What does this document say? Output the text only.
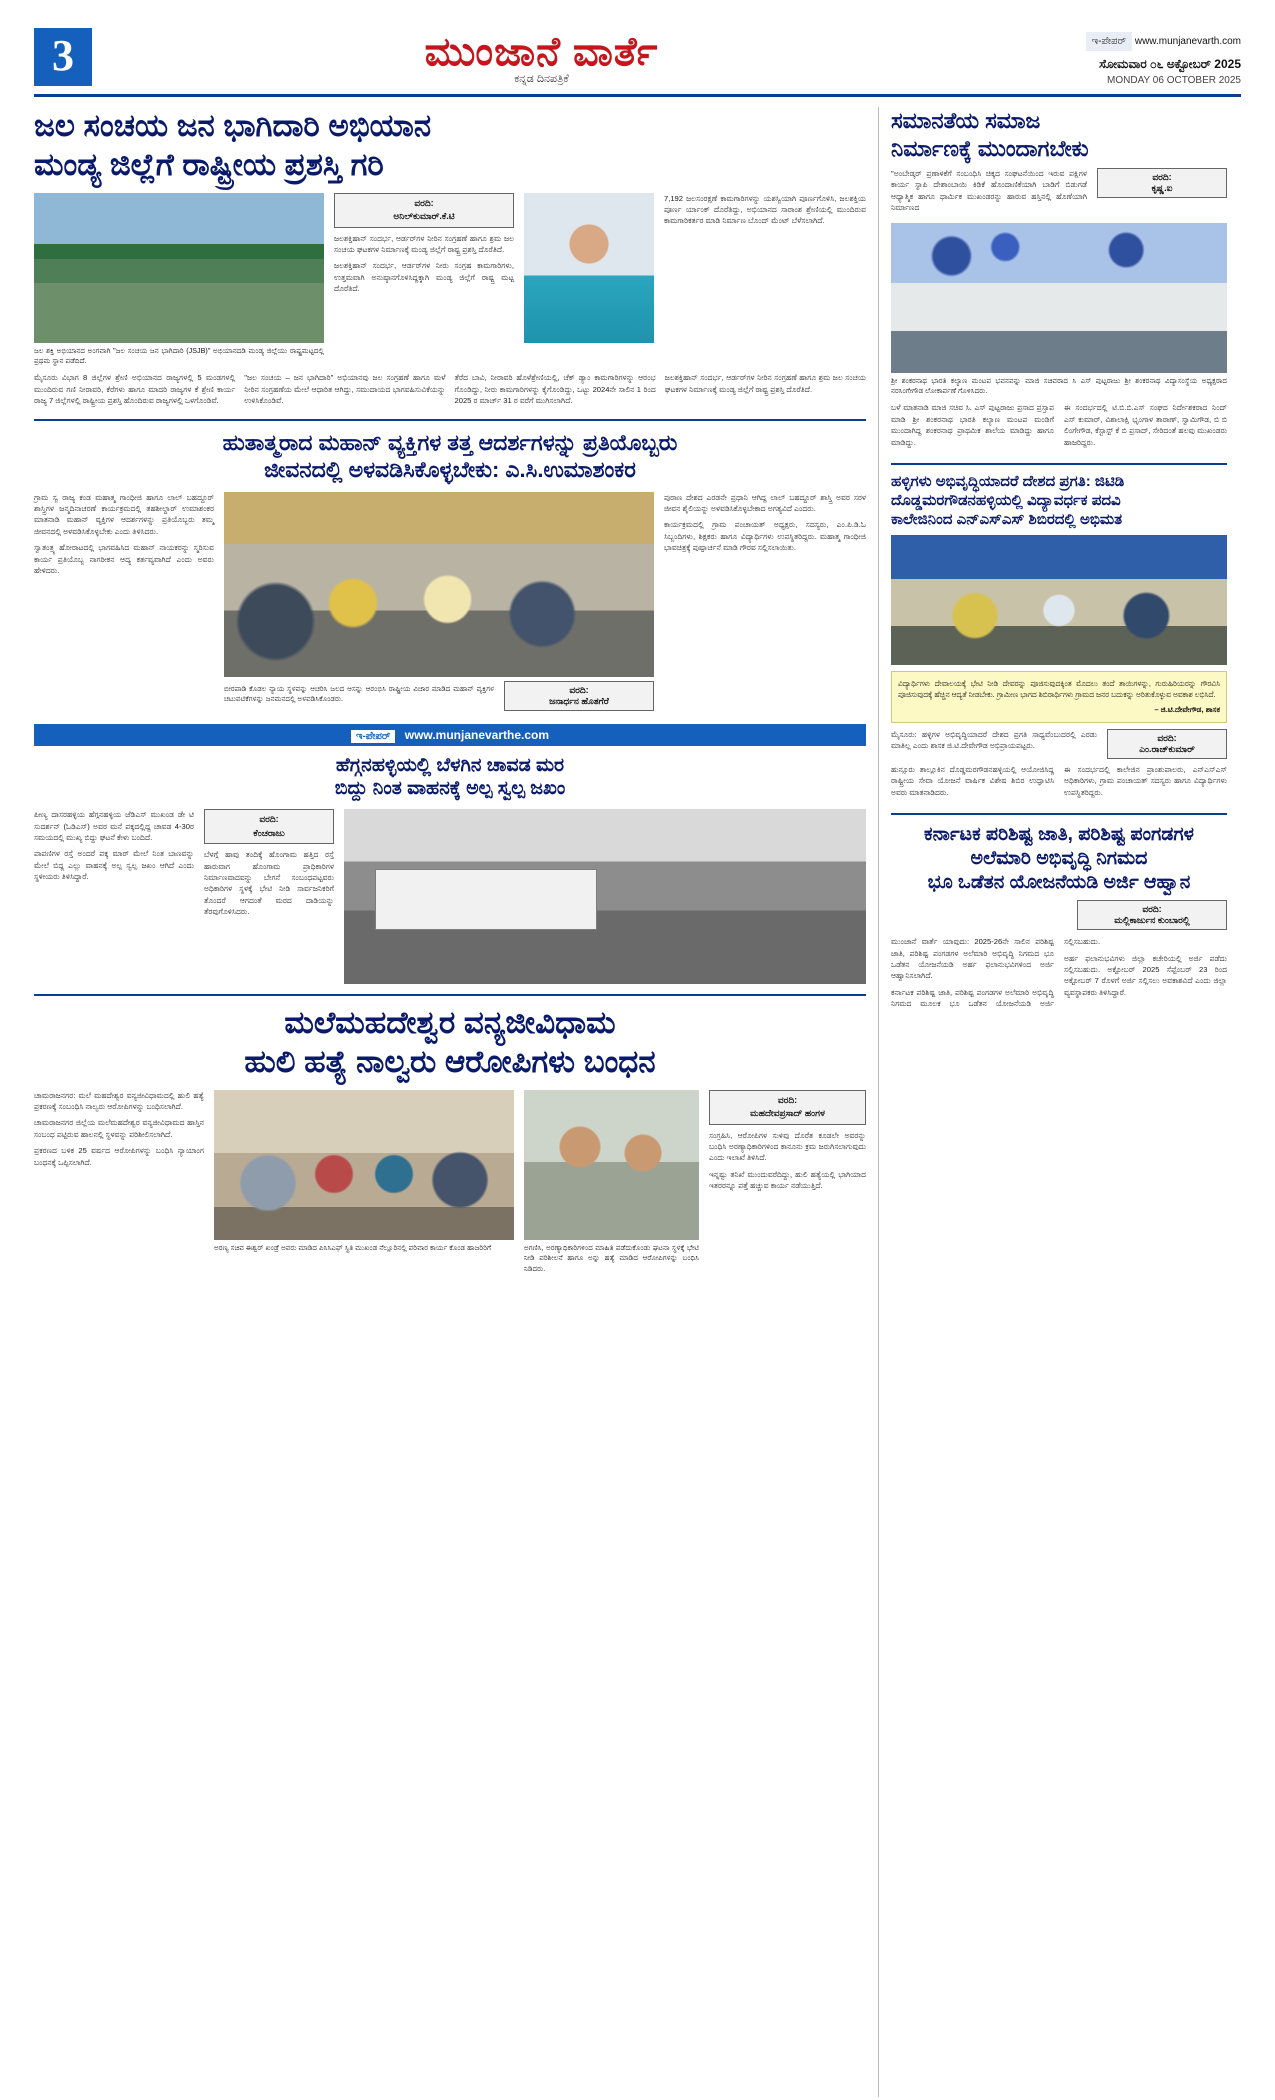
3	ಮುಂಜಾನೆ ವಾರ್ತೆ
ಕನ್ನಡ ದಿನಪತ್ರಿಕೆ
ಇ-ಪೇಪರ್ www.munjanevarth.com
ಸೋಮವಾರ ೦೬ ಅಕ್ಟೋಬರ್ 2025
MONDAY 06 OCTOBER 2025
ಜಲ ಸಂಚಯ ಜನ ಭಾಗಿದಾರಿ ಅಭಿಯಾನ
ಮಂಡ್ಯ ಜಿಲ್ಲೆಗೆ ರಾಷ್ಟ್ರೀಯ ಪ್ರಶಸ್ತಿ ಗರಿ
ಜಲ ಶಕ್ತಿ ಅಭಿಯಾನದ ಅಂಗವಾಗಿ "ಜಲ ಸಂಚಯ ಜನ ಭಾಗಿದಾರಿ (JSJB)" ಅಭಿಯಾನದಡಿ ಮಂಡ್ಯ ಜಿಲ್ಲೆಯು ರಾಷ್ಟ್ರಮಟ್ಟದಲ್ಲಿ ಪ್ರಥಮ ಸ್ಥಾನ ಪಡೆದಿದೆ.
ವರದಿ:
ಅನಿಲ್‌ಕುಮಾರ್.ಕೆ.ಟಿ

ಜಲಶಕ್ತಿಹಾನ್ ಸಂದರ್ಭ, ಆರ್ಡರ್‌ಗಳ ನೀರಿನ ಸಂಗ್ರಹಣೆ ಹಾಗೂ ಶ್ರಮ ಜಲ ಸಂಚಯ ಘಟಕಗಳ ನಿರ್ಮಾಣಕ್ಕೆ ಮಂಡ್ಯ ಜಿಲ್ಲೆಗೆ ರಾಷ್ಟ್ರ ಪ್ರಶಸ್ತಿ ದೊರೆತಿದೆ.

ಜಲಶಕ್ತಿಹಾನ್ ಸಂದರ್ಭ, ಆರ್ಡರ್‌ಗಳ ನೀರು ಸಂಗ್ರಹ ಕಾಮಗಾರಿಗಳು, ಉತ್ತಮವಾಗಿ ಅನುಷ್ಠಾನಗೊಳಿಸಿದ್ದಕ್ಕಾಗಿ ಮಂಡ್ಯ ಜಿಲ್ಲೆಗೆ ರಾಷ್ಟ್ರ ಮಟ್ಟ ದೊರೆತಿದೆ.

7,192 ಜಲಸಂರಕ್ಷಣೆ ಕಾಮಗಾರಿಗಳನ್ನು ಯಶಸ್ವಿಯಾಗಿ ಪೂರ್ಣಗೊಳಿಸಿ, ಜಲಶಕ್ತಿಯ ಪೂರ್ಣ ರ್ಯಾಂಕ್ ದೊರೆತಿದ್ದು, ಅಭಿಯಾನದ ಸಾರಾಂಶ ಶ್ರೇಣಿಯಲ್ಲಿ ಮುಂದಿರುವ ಕಾಮಗಾರಿಕರ್ತರ ಮಾಡಿ ನಿರ್ಮಾಣ ಬೊಂದ್ ಮೆಂಟ್ ಬೆಳೆಸಲಾಗಿದೆ.

ಮೈಸೂರು ವಿಭಾಗ 8 ಜಿಲ್ಲೆಗಳ ಶ್ರೇಣಿ ಅಭಿಯಾನದ ರಾಜ್ಯಗಳಲ್ಲಿ 5 ಮಂಡಗಳಲ್ಲಿ ಮುಂದಿರುವ ಗಣಿ ನೀರಾವರಿ, ಕೆರೆಗಳು ಹಾಗೂ ಮಾದರಿ ರಾಜ್ಯಗಳ ಕೆ ಶ್ರೇಣಿ ಕಾರ್ಯ ರಾಜ್ಯ 7 ಜಿಲ್ಲೆಗಳಲ್ಲಿ ರಾಷ್ಟ್ರೀಯ ಪ್ರಶಸ್ತಿ ಹೊಂದಿರುವ ರಾಜ್ಯಗಳಲ್ಲಿ ಒಳಗೊಂಡಿವೆ.

"ಜಲ ಸಂಚಯ – ಜನ ಭಾಗಿದಾರಿ" ಅಭಿಯಾನವು ಜಲ ಸಂಗ್ರಹಣೆ ಹಾಗೂ ಮಳೆ ನೀರಿನ ಸಂಗ್ರಹಣೆಯ ಮೇಲೆ ಆಧಾರಿತ ಆಗಿದ್ದು, ಸಮುದಾಯದ ಭಾಗವಹಿಸುವಿಕೆಯನ್ನು ಉಳಿಸಿಕೊಂಡಿವೆ.

ತೆರೆದ ಬಾವಿ, ನೀರಾವರಿ ಹೊಳೆಶ್ರೇಣಿಯಲ್ಲಿ, ಚೆಕ್ ಡ್ಯಾಂ ಕಾಮಗಾರಿಗಳನ್ನು ಆರಂಭ ಗೊಂಡಿದ್ದು, ನೀರು ಕಾಮಗಾರಿಗಳನ್ನು ಕೈಗೊಂಡಿದ್ದು, ಒಟ್ಟು 2024ನೇ ಸಾಲಿನ 1 ರಿಂದ 2025 ರ ಮಾರ್ಚ್ 31 ರ ವರೆಗೆ ಮುಗಿಸಲಾಗಿದೆ.

ಜಲಶಕ್ತಿಹಾನ್ ಸಂದರ್ಭ, ಆರ್ಡರ್‌ಗಳ ನೀರಿನ ಸಂಗ್ರಹಣೆ ಹಾಗೂ ಶ್ರಮ ಜಲ ಸಂಚಯ ಘಟಕಗಳ ನಿರ್ಮಾಣಕ್ಕೆ ಮಂಡ್ಯ ಜಿಲ್ಲೆಗೆ ರಾಷ್ಟ್ರ ಪ್ರಶಸ್ತಿ ದೊರೆತಿದೆ.

ಹುತಾತ್ಮರಾದ ಮಹಾನ್ ವ್ಯಕ್ತಿಗಳ ತತ್ತ ಆದರ್ಶಗಳನ್ನು ಪ್ರತಿಯೊಬ್ಬರು
ಜೀವನದಲ್ಲಿ ಅಳವಡಿಸಿಕೊಳ್ಳಬೇಕು: ಎ.ಸಿ.ಉಮಾಶಂಕರ

ಗ್ರಾಮ ಸ್ವ ರಾಜ್ಯ ಕಂಡ ಮಹಾತ್ಮ ಗಾಂಧೀಜಿ ಹಾಗೂ ಲಾಲ್ ಬಹದ್ದೂರ್ ಶಾಸ್ತ್ರಿಗಳ ಜನ್ಮದಿನಾಚರಣೆ ಕಾರ್ಯಕ್ರಮದಲ್ಲಿ ತಹಶೀಲ್ದಾರ್ ಉಮಾಶಂಕರ ಮಾತನಾಡಿ ಮಹಾನ್ ವ್ಯಕ್ತಿಗಳ ಆದರ್ಶಗಳನ್ನು ಪ್ರತಿಯೊಬ್ಬರು ತಮ್ಮ ಜೀವನದಲ್ಲಿ ಅಳವಡಿಸಿಕೊಳ್ಳಬೇಕು ಎಂದು ತಿಳಿಸಿದರು.

ಸ್ವಾತಂತ್ರ್ಯ ಹೋರಾಟದಲ್ಲಿ ಭಾಗವಹಿಸಿದ ಮಹಾನ್ ನಾಯಕರನ್ನು ಸ್ಮರಿಸುವ ಕಾರ್ಯ ಪ್ರತಿಯೊಬ್ಬ ನಾಗರೀಕನ ಆದ್ಯ ಕರ್ತವ್ಯವಾಗಿದೆ ಎಂದು ಅವರು ಹೇಳಿದರು.

ಬೀರಪಾಡಿ ಕೊಡಲ ನ್ಯಾಯ ಸ್ಥಳವನ್ನು ಆಚರಿಸಿ ಜಲದ ಆಸನ್ನು ಆರಂಭಿಸಿ ರಾಷ್ಟ್ರೀಯ ವಿಚಾರ ಮಾಡಿದ ಮಹಾನ್ ವ್ಯಕ್ತಿಗಳ ಚಟುವಟಿಕೆಗಳನ್ನು ಜನಮನದಲ್ಲಿ ಅಳವಡಿಸಿಕೊಂಡರು.
ವರದಿ:
ಜನಾರ್ಧನ ಹೊತಗೆರೆ

ಪುರಾಣ ದೇಶದ ಎರಡನೇ ಪ್ರಧಾನಿ ಆಗಿದ್ದ ಲಾಲ್ ಬಹದ್ದೂರ್ ಶಾಸ್ತ್ರಿ ಅವರ ಸರಳ ಜೀವನ ಶೈಲಿಯನ್ನು ಅಳವಡಿಸಿಕೊಳ್ಳಬೇಕಾದ ಅಗತ್ಯವಿದೆ ಎಂದರು.

ಕಾರ್ಯಕ್ರಮದಲ್ಲಿ ಗ್ರಾಮ ಪಂಚಾಯತ್ ಅಧ್ಯಕ್ಷರು, ಸದಸ್ಯರು, ಎಂ.ಪಿ.ಡಿ.ಓ ಸಿಬ್ಬಂದಿಗಳು, ಶಿಕ್ಷಕರು ಹಾಗೂ ವಿದ್ಯಾರ್ಥಿಗಳು ಉಪಸ್ಥಿತರಿದ್ದರು. ಮಹಾತ್ಮ ಗಾಂಧೀಜಿ ಭಾವಚಿತ್ರಕ್ಕೆ ಪುಷ್ಪಾರ್ಚನೆ ಮಾಡಿ ಗೌರವ ಸಲ್ಲಿಸಲಾಯಿತು.

ಇ-ಪೇಪರ್ www.munjanevarthe.com
ಹೆಗ್ಗನಹಳ್ಳಿಯಲ್ಲಿ ಬೆಳಗಿನ ಚಾವಡ ಮರ
ಬಿದ್ದು ನಿಂತ ವಾಹನಕ್ಕೆ ಅಲ್ಪ ಸ್ವಲ್ಪ ಜಖಂ

ಪೀಣ್ಯ ದಾಸರಹಳ್ಳಿಯ ಹೆಗ್ಗನಹಳ್ಳಿಯ ಜೆಡಿಎಸ್ ಮುಖಂಡ ಡೇ ಟಿ ಸುದರ್ಶನ್ (ಓಡಿಎಸ್) ಅವರ ಮನೆ ಪಕ್ಕದಲ್ಲಿದ್ದ ಚಾವಡ 4-30ರ ಸಮಯದಲ್ಲಿ ಮುಖ್ಯ ಬಿದ್ದು ಘಟನೆ ಕೇಳು ಬಂದಿದೆ.

ಪಾಪಣಿಗಳ ರಸ್ತೆ ಅಂದರೆ ಪಕ್ಕ ಮಾರ್ ಮೇಲೆ ನಿಂತ ಬಾಣವನ್ನು ಮೇಲೆ ಬಿದ್ದ ಎಲ್ಲು ವಾಹನಕ್ಕೆ ಅಲ್ಪ ಸ್ವಲ್ಪ ಜಖಂ ಆಗಿದೆ ಎಂದು ಸ್ಥಳೀಯರು ತಿಳಿಸಿದ್ದಾರೆ.

ವರದಿ:
ಕೆಂಚರಾಜು

ಬೆಳಗ್ಗೆ ಹಾವು ತಂದಿಕ್ಕೆ ಹೊಂಗಾಮ ಹತ್ತಿದ ರಸ್ತೆ ಹಾರುವಾಗ ಹೊಂಗಾಮ ಪ್ರಾಧಿಕಾರಿಗಳ ನಿರ್ಮಾಣವಾದವನ್ನು ಬೇಗನೆ ಸಂಬಂಧಪಟ್ಟವರು ಅಧಿಕಾರಿಗಳ ಸ್ಥಳಕ್ಕೆ ಭೇಟಿ ನೀಡಿ ಸಾರ್ವಜನಿಕರಿಗೆ ತೊಂದರೆ ಆಗದಂತೆ ಮರದ ದಾಡಿಯನ್ನು ತೆರವುಗೊಳಿಸಿದರು.

ಮಲೆಮಹದೇಶ್ವರ ವನ್ಯಜೀವಿಧಾಮ
ಹುಲಿ ಹತ್ಯೆ ನಾಲ್ವರು ಆರೋಪಿಗಳು ಬಂಧನ

ಚಾಮರಾಜನಗರ: ಮಲೆ ಮಹದೇಶ್ವರ ವನ್ಯಜೀವಿಧಾಮದಲ್ಲಿ ಹುಲಿ ಹತ್ಯೆ ಪ್ರಕರಣಕ್ಕೆ ಸಂಬಂಧಿಸಿ ನಾಲ್ವರು ಆರೋಪಿಗಳನ್ನು ಬಂಧಿಸಲಾಗಿದೆ.

ಚಾಮರಾಜನಗರ ಜಿಲ್ಲೆಯ ಮಲೆಮಹದೇಶ್ವರ ವನ್ಯಜೀವಿಧಾಮದ ಹಾಸ್ತಿನ ಸಂಬಂಧ ಪಟ್ಟಿರುವ ಹಾಲನಲ್ಲಿ ಸ್ಥಳವನ್ನು ಪರಿಶೀಲಿಸಲಾಗಿದೆ.

ಪ್ರಕರಣದ ಬಳಿಕ 25 ವರ್ಷದ ಆರೋಪಿಗಳನ್ನು ಬಂಧಿಸಿ ನ್ಯಾಯಾಂಗ ಬಂಧನಕ್ಕೆ ಒಪ್ಪಿಸಲಾಗಿದೆ.

ಅರಣ್ಯ ಸಚಿವ ಈಶ್ವರ್ ಖಂಡ್ರೆ ಅವರು ಮಾಡಿದ ಪಿಸಿಸಿಎಫ್ ಸ್ಥಿತಿ ಮುಖಂಡ ನೆಲ್ಲೂರಿನಲ್ಲಿ ಪರಿವಾರ ಕಾರ್ಯ ಕೊಂಡ ಹಾಜರಿರಿಗೆ	ಅಗಣಿಸಿ, ಅರಣ್ಯಾಧಿಕಾರಿಗಳಿಂದ ಮಾಹಿತಿ ಪಡೆದುಕೊಂಡು ಘಟನಾ ಸ್ಥಳಕ್ಕೆ ಭೇಟಿ ನೀಡಿ ಪರಿಶೀಲನೆ ಹಾಗೂ ಅನ್ನು ಹತ್ಯೆ ಮಾಡಿದ ಆರೋಪಿಗಳನ್ನು ಬಂಧಿಸಿ ನಿಡಿದರು.
ವರದಿ:
ಮಹದೇವಪ್ರಸಾದ್ ಹಂಗಳ

ಸಂಗ್ರಹಿಸಿ, ಆರೋಪಿಗಳ ಸುಳಿವು ದೊರೆತ ಕೂಡಲೇ ಅವರನ್ನು ಬಂಧಿಸಿ ಅರಣ್ಯಾಧಿಕಾರಿಗಳಿಂದ ಕಾನೂನು ಕ್ರಮ ಜರುಗಿಸಲಾಗುವುದು ಎಂದು ಇಲಾಖೆ ತಿಳಿಸಿದೆ.

ಇನ್ನಷ್ಟು ತನಿಖೆ ಮುಂದುವರೆದಿದ್ದು, ಹುಲಿ ಹತ್ಯೆಯಲ್ಲಿ ಭಾಗಿಯಾದ ಇತರರನ್ನೂ ಪತ್ತೆ ಹಚ್ಚುವ ಕಾರ್ಯ ನಡೆಯುತ್ತಿದೆ.

ಸಮಾನತೆಯ ಸಮಾಜ
ನಿರ್ಮಾಣಕ್ಕೆ ಮುಂದಾಗಬೇಕು

"ಅಂಬೇಡ್ಕರ್ ಪ್ರಣಾಳಿಕೆಗೆ ಸಂಬಂಧಿಸಿ ಚಿಕ್ಕದ ಸಂಘಟನೆಯಿಂದ ಇರುವ ಪಕ್ಷಿಗಳ ಕಾರ್ಯ ಸ್ಥಾಪಿ ದೇಶಾಂಬಾಯಿ ಕಿಡಿಕೆ ಹೊಂದಾಣಿಕೆಯಾಗಿ ಬಾಡಿಗೆ ಬಿಡುಗಡೆ ಆಧ್ಯಾತ್ಮಿಕ ಹಾಗೂ ಧಾರ್ಮಿಕ ಮುಖಂಡರನ್ನು ಹಾರುವ ಹಸ್ತಿನಲ್ಲಿ ಹೊಣೆಯಾಗಿ ನಿರ್ಮಾಣದ

ವರದಿ:
ಕೃಷ್ಣ.ಐ
ಶ್ರೀ ಶಂಕರನಾಥ ಭಾರತಿ ಕಲ್ಯಾಣ ಮಂಟಪ ಭವನವನ್ನು ಮಾಜಿ ಸಚಿವರಾದ ಸಿ ಎಸ್ ಪುಟ್ಟರಾಜು ಶ್ರೀ ಶಂಕರನಾಥ ವಿದ್ಯಾಸಂಸ್ಥೆಯ ಅಧ್ಯಕ್ಷರಾದ ನರಸಿಂಗೇಗೌಡ ಲೋಕಾರ್ಪಣೆ ಗೊಳಿಸಿದರು.

ಬಳೆ ಮಾತನಾಡಿ ಮಾಜಿ ಸಚಿವ ಸಿ. ಎಸ್ ಪುಟ್ಟರಾಜು ಪ್ರಸಾದ ಪ್ರಸ್ತಾಪ ಮಾಡಿ ಶ್ರೀ ಶಂಕರನಾಥ ಭಾರತಿ ಕಲ್ಯಾಣ ಮಂಟಪ ಮಂಡಿಗೆ ಮುಂದಾಗಿದ್ದ ಶಂಕರನಾಥ ಪ್ರಾಥಮಿಕ ಶಾಲೆಯ ಮಾಡಿದ್ದು ಹಾಗೂ ಮಾಡಿದ್ದು.

ಈ ಸಂದರ್ಭದಲ್ಲಿ ಟಿ.ಬಿ.ಬಿ.ಎಸ್ ಸಂಘದ ನಿರ್ದೇಶಕರಾದ ನಿಂದ್ ಎಸ್ ಕುಮಾರ್, ವಿಶಾಲಾಕ್ಷಿ ಭೃಂಗಾಳ ತಾರಾಣ್, ಸ್ವಾಮಿಗೌಡ, ಬಿ ಬಿ ಲಿಂಗೇಗೌಡ, ಕೆಸ್ಟಾಸ್ಟ್ ಕೆ ಬಿ ಪ್ರಸಾದ್, ಸೇರಿದಂತೆ ಹಲವು ಮುಖಂಡರು ಹಾಜರಿದ್ದರು.

ಹಳ್ಳಿಗಳು ಅಭಿವೃದ್ಧಿಯಾದರೆ ದೇಶದ ಪ್ರಗತಿ: ಜಿಟಿಡಿ
ದೊಡ್ಡಮರಗೌಡನಹಳ್ಳಿಯಲ್ಲಿ ವಿದ್ಯಾವರ್ಧಕ ಪದವಿ
ಕಾಲೇಜಿನಿಂದ ಎನ್‌ಎಸ್‌ಎಸ್ ಶಿಬಿರದಲ್ಲಿ ಅಭಿಮತ
ವಿದ್ಯಾರ್ಥಿಗಳು ದೇವಾಲಯಕ್ಕೆ ಭೇಟಿ ನೀಡಿ ದೇವರನ್ನು ಪೂಜಿಸುವುದಕ್ಕಿಂತ ಮೊದಲು ತಂದೆ ತಾಯಿಗಳನ್ನು, ಗುರುಹಿರಿಯರನ್ನು ಗೌರವಿಸಿ ಪೂಜಿಸುವುದಕ್ಕೆ ಹೆಚ್ಚಿನ ಆದ್ಯತೆ ನೀಡಬೇಕು. ಗ್ರಾಮೀಣ ಭಾಗದ ಶಿಬಿರಾರ್ಥಿಗಳು ಗ್ರಾಮದ ಜನರ ಬದುಕನ್ನು ಅರಿತುಕೊಳ್ಳುವ ಅವಕಾಶ ಲಭಿಸಿದೆ.
– ಜಿ.ಟಿ.ದೇವೇಗೌಡ, ಶಾಸಕ

ಮೈಸೂರು: ಹಳ್ಳಿಗಳ ಅಭಿವೃದ್ಧಿಯಾದರೆ ದೇಶದ ಪ್ರಗತಿ ಸಾಧ್ಯವೆಂಬುದರಲ್ಲಿ ಎರಡು ಮಾತಿಲ್ಲ ಎಂದು ಶಾಸಕ ಜಿ.ಟಿ.ದೇವೇಗೌಡ ಅಭಿಪ್ರಾಯಪಟ್ಟರು.

ವರದಿ:
ಎಂ.ರಾಜ್‌ಕುಮಾರ್

ಹುನ್ಸೂರು ತಾಲ್ಲೂಕಿನ ದೊಡ್ಡಮರಗೌಡನಹಳ್ಳಿಯಲ್ಲಿ ಆಯೋಜಿಸಿದ್ದ ರಾಷ್ಟ್ರೀಯ ಸೇವಾ ಯೋಜನೆ ವಾರ್ಷಿಕ ವಿಶೇಷ ಶಿಬಿರ ಉದ್ಘಾಟಿಸಿ ಅವರು ಮಾತನಾಡಿದರು.

ಈ ಸಂದರ್ಭದಲ್ಲಿ ಕಾಲೇಜಿನ ಪ್ರಾಂಶುಪಾಲರು, ಎನ್‌ಎಸ್‌ಎಸ್ ಅಧಿಕಾರಿಗಳು, ಗ್ರಾಮ ಪಂಚಾಯತ್ ಸದಸ್ಯರು ಹಾಗೂ ವಿದ್ಯಾರ್ಥಿಗಳು ಉಪಸ್ಥಿತರಿದ್ದರು.

ಕರ್ನಾಟಕ ಪರಿಶಿಷ್ಟ ಜಾತಿ, ಪರಿಶಿಷ್ಟ ಪಂಗಡಗಳ
ಅಲೆಮಾರಿ ಅಭಿವೃದ್ಧಿ ನಿಗಮದ
ಭೂ ಒಡೆತನ ಯೋಜನೆಯಡಿ ಅರ್ಜಿ ಆಹ್ವಾನ
ವರದಿ:
ಮಲ್ಲಿಕಾರ್ಜುನ ಕುಂಬಾರಲ್ಲಿ

ಮುಂಜಾನೆ ವಾರ್ತೆ ಯಾವುದು: 2025-26ನೇ ಸಾಲಿನ ಪರಿಶಿಷ್ಟ ಜಾತಿ, ಪರಿಶಿಷ್ಟ ಪಂಗಡಗಳ ಅಲೆಮಾರಿ ಅಭಿವೃದ್ಧಿ ನಿಗಮದ ಭೂ ಒಡೆತನ ಯೋಜನೆಯಡಿ ಅರ್ಹ ಫಲಾನುಭವಿಗಳಿಂದ ಅರ್ಜಿ ಆಹ್ವಾನಿಸಲಾಗಿದೆ.

ಕರ್ನಾಟಕ ಪರಿಶಿಷ್ಟ ಜಾತಿ, ಪರಿಶಿಷ್ಟ ಪಂಗಡಗಳ ಅಲೆಮಾರಿ ಅಭಿವೃದ್ಧಿ ನಿಗಮದ ಮೂಲಕ ಭೂ ಒಡೆತನ ಯೋಜನೆಯಡಿ ಅರ್ಜಿ ಸಲ್ಲಿಸಬಹುದು.

ಅರ್ಹ ಫಲಾನುಭವಿಗಳು ಜಿಲ್ಲಾ ಕಚೇರಿಯಲ್ಲಿ ಅರ್ಜಿ ಪಡೆದು ಸಲ್ಲಿಸಬಹುದು. ಅಕ್ಟೋಬರ್ 2025 ಸೆಪ್ಟೆಂಬರ್ 23 ರಿಂದ ಅಕ್ಟೋಬರ್ 7 ರೊಳಗೆ ಅರ್ಜಿ ಸಲ್ಲಿಸಲು ಅವಕಾಶವಿದೆ ಎಂದು ಜಿಲ್ಲಾ ವ್ಯವಸ್ಥಾಪಕರು ತಿಳಿಸಿದ್ದಾರೆ.
